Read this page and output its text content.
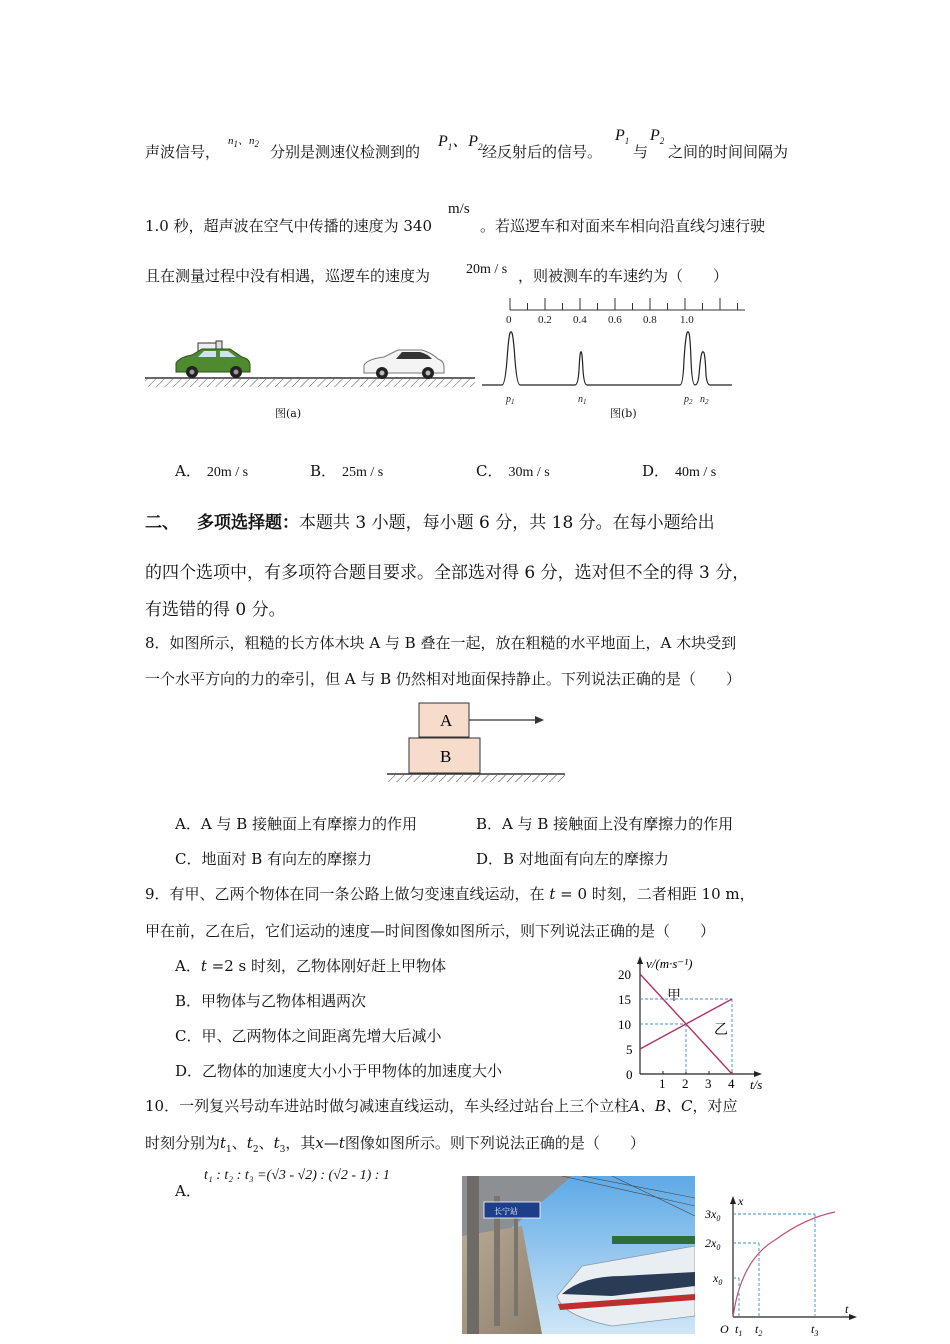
声波信号，
$n_1$、$n_2$ 分别是测速仪检测到的
$P_1$、$P_2$ 经反射后的信号。
$P_1$
与
$P_2$
之间的时间间隔为
1.0 秒，超声波在空气中传播的速度为 340
m/s
。若巡逻车和对面来车相向沿直线匀速行驶
且在测量过程中没有相遇，巡逻车的速度为	20m / s ，则被测车的车速约为（　　）
图(a)
0 0.2 0.4 0.6 0.8 1.0
$p_1$	$n_1$	$p_2$ $n_2$
图(b)
A． 20m / s	B． 25m / s	C． 30m / s	D． 40m / s
二、 多项选择题：本题共 3 小题，每小题 6 分，共 18 分。在每小题给出
的四个选项中，有多项符合题目要求。全部选对得 6 分，选对但不全的得 3 分，
有选错的得 0 分。
8．如图所示，粗糙的长方体木块 A 与 B 叠在一起，放在粗糙的水平地面上，A 木块受到
一个水平方向的力的牵引，但 A 与 B 仍然相对地面保持静止。下列说法正确的是（　　）
A
B
A．A 与 B 接触面上有摩擦力的作用	B．A 与 B 接触面上没有摩擦力的作用
C．地面对 B 有向左的摩擦力	D．B 对地面有向左的摩擦力
9．有甲、乙两个物体在同一条公路上做匀变速直线运动，在 t = 0 时刻，二者相距 10 m，
甲在前，乙在后，它们运动的速度—时间图像如图所示，则下列说法正确的是（　　）
A．t =2 s 时刻，乙物体刚好赶上甲物体
B．甲物体与乙物体相遇两次
C．甲、乙两物体之间距离先增大后减小
D．乙物体的加速度大小小于甲物体的加速度大小
v/(m·s⁻¹)
t/s
1 2 3 4
0
5
10
15
20
甲
乙
10．一列复兴号动车进站时做匀减速直线运动，车头经过站台上三个立柱A、B、C，对应
时刻分别为$t_1$、$t_2$、$t_3$，其x—t图像如图所示。则下列说法正确的是（　　）
A．
t₁ : t₂ : t₃ =(√3 - √2) : (√2 - 1) : 1
长宁站
x
t
O
$3x_0$
$2x_0$
$x_0$
$t_1$ $t_2$	$t_3$
